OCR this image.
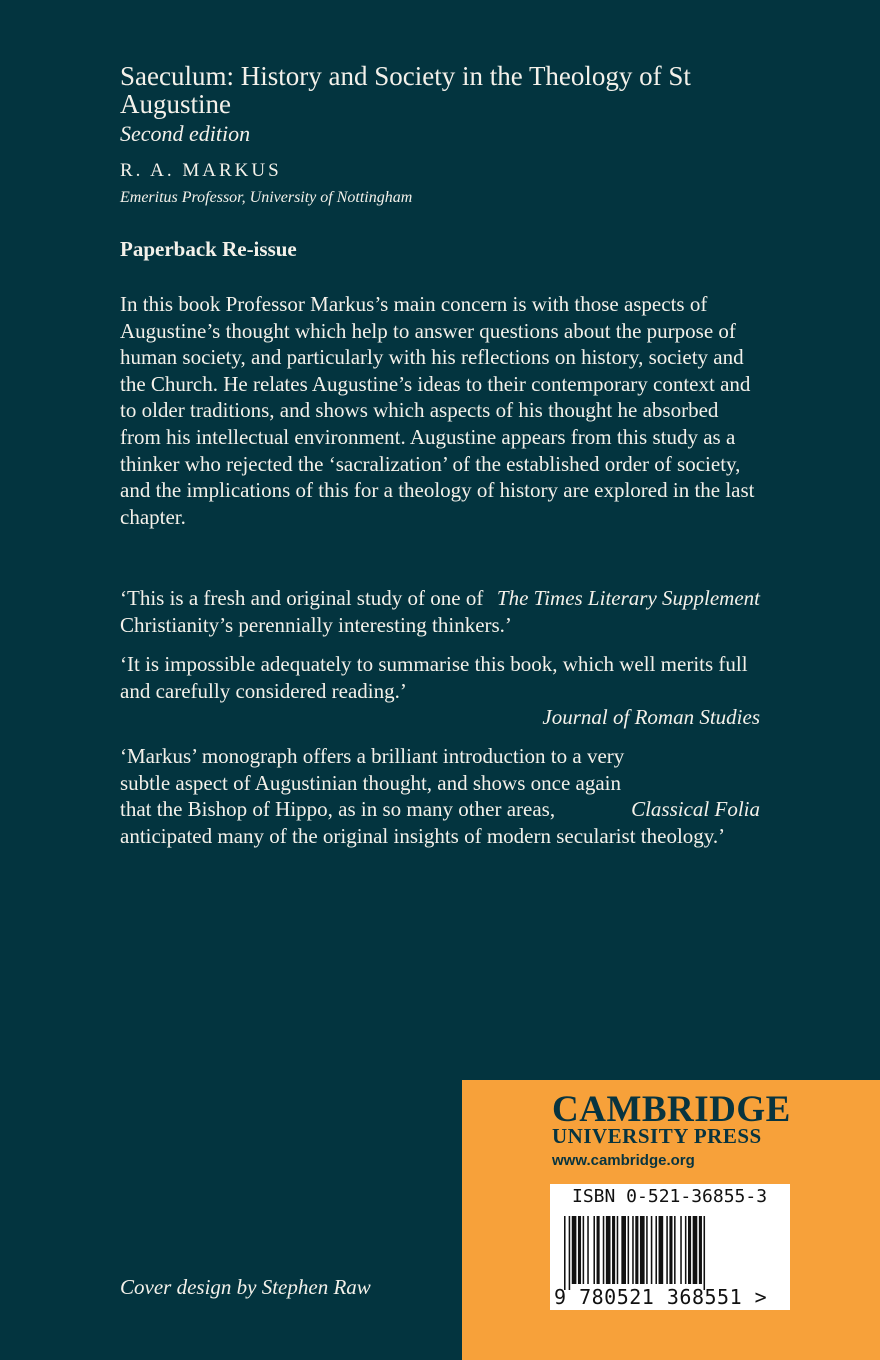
Saeculum: History and Society in the Theology of St Augustine
Second edition
R. A. MARKUS
Emeritus Professor, University of Nottingham
Paperback Re-issue

In this book Professor Markus’s main concern is with those aspects of Augustine’s thought which help to answer questions about the purpose of human society, and particularly with his reflections on history, society and the Church. He relates Augustine’s ideas to their contemporary context and to older traditions, and shows which aspects of his thought he absorbed from his intellectual environment. Augustine appears from this study as a thinker who rejected the ‘sacralization’ of the established order of society, and the implications of this for a theology of history are explored in the last chapter.

The Times Literary Supplement
‘This is a fresh and original study of one of Christianity’s perennially interesting thinkers.’

‘It is impossible adequately to summarise this book, which well merits full and carefully considered reading.’
Journal of Roman Studies

Classical Folia
‘Markus’ monograph offers a brilliant introduction to a very subtle aspect of Augustinian thought, and shows once again that the Bishop of Hippo, as in so many other areas, anticipated many of the original insights of modern secularist theology.’

Cover design by Stephen Raw
CAMBRIDGE
UNIVERSITY PRESS
www.cambridge.org
ISBN 0-521-36855-3
9 780521 368551 >
